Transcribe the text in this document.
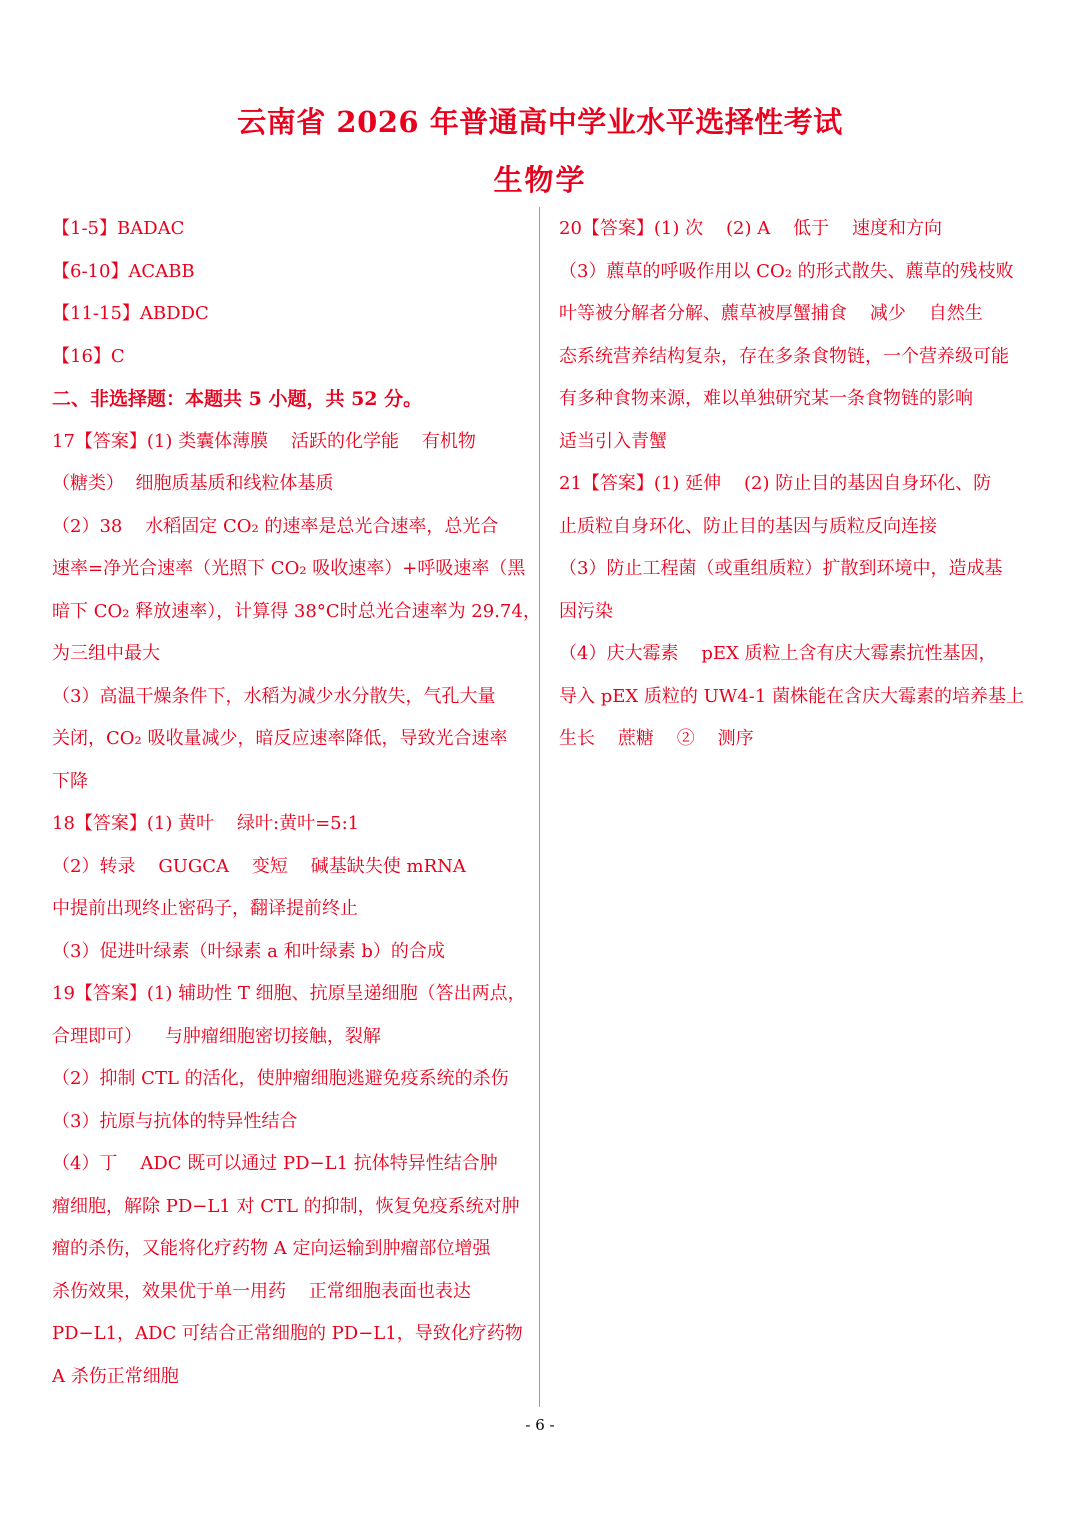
云南省 2026 年普通高中学业水平选择性考试
生物学
【1-5】BADAC
【6-10】ACABB
【11-15】ABDDC
【16】C
二、非选择题：本题共 5 小题，共 52 分。
17【答案】(1) 类囊体薄膜    活跃的化学能    有机物
（糖类）  细胞质基质和线粒体基质
（2）38    水稻固定 CO₂ 的速率是总光合速率，总光合
速率=净光合速率（光照下 CO₂ 吸收速率）+呼吸速率（黑
暗下 CO₂ 释放速率），计算得 38°C时总光合速率为 29.74，
为三组中最大
（3）高温干燥条件下，水稻为减少水分散失，气孔大量
关闭，CO₂ 吸收量减少，暗反应速率降低，导致光合速率
下降
18【答案】(1) 黄叶    绿叶:黄叶=5:1
（2）转录    GUGCA    变短    碱基缺失使 mRNA
中提前出现终止密码子，翻译提前终止
（3）促进叶绿素（叶绿素 a 和叶绿素 b）的合成
19【答案】(1) 辅助性 T 细胞、抗原呈递细胞（答出两点，
合理即可）    与肿瘤细胞密切接触，裂解
（2）抑制 CTL 的活化，使肿瘤细胞逃避免疫系统的杀伤
（3）抗原与抗体的特异性结合
（4）丁    ADC 既可以通过 PD−L1 抗体特异性结合肿
瘤细胞，解除 PD−L1 对 CTL 的抑制，恢复免疫系统对肿
瘤的杀伤，又能将化疗药物 A 定向运输到肿瘤部位增强
杀伤效果，效果优于单一用药    正常细胞表面也表达
PD−L1，ADC 可结合正常细胞的 PD−L1，导致化疗药物
A 杀伤正常细胞
20【答案】(1) 次    (2) A    低于    速度和方向
（3）藨草的呼吸作用以 CO₂ 的形式散失、藨草的残枝败
叶等被分解者分解、藨草被厚蟹捕食    减少    自然生
态系统营养结构复杂，存在多条食物链，一个营养级可能
有多种食物来源，难以单独研究某一条食物链的影响
适当引入青蟹
21【答案】(1) 延伸    (2) 防止目的基因自身环化、防
止质粒自身环化、防止目的基因与质粒反向连接
（3）防止工程菌（或重组质粒）扩散到环境中，造成基
因污染
（4）庆大霉素    pEX 质粒上含有庆大霉素抗性基因，
导入 pEX 质粒的 UW4-1 菌株能在含庆大霉素的培养基上
生长    蔗糖    ②    测序
- 6 -
